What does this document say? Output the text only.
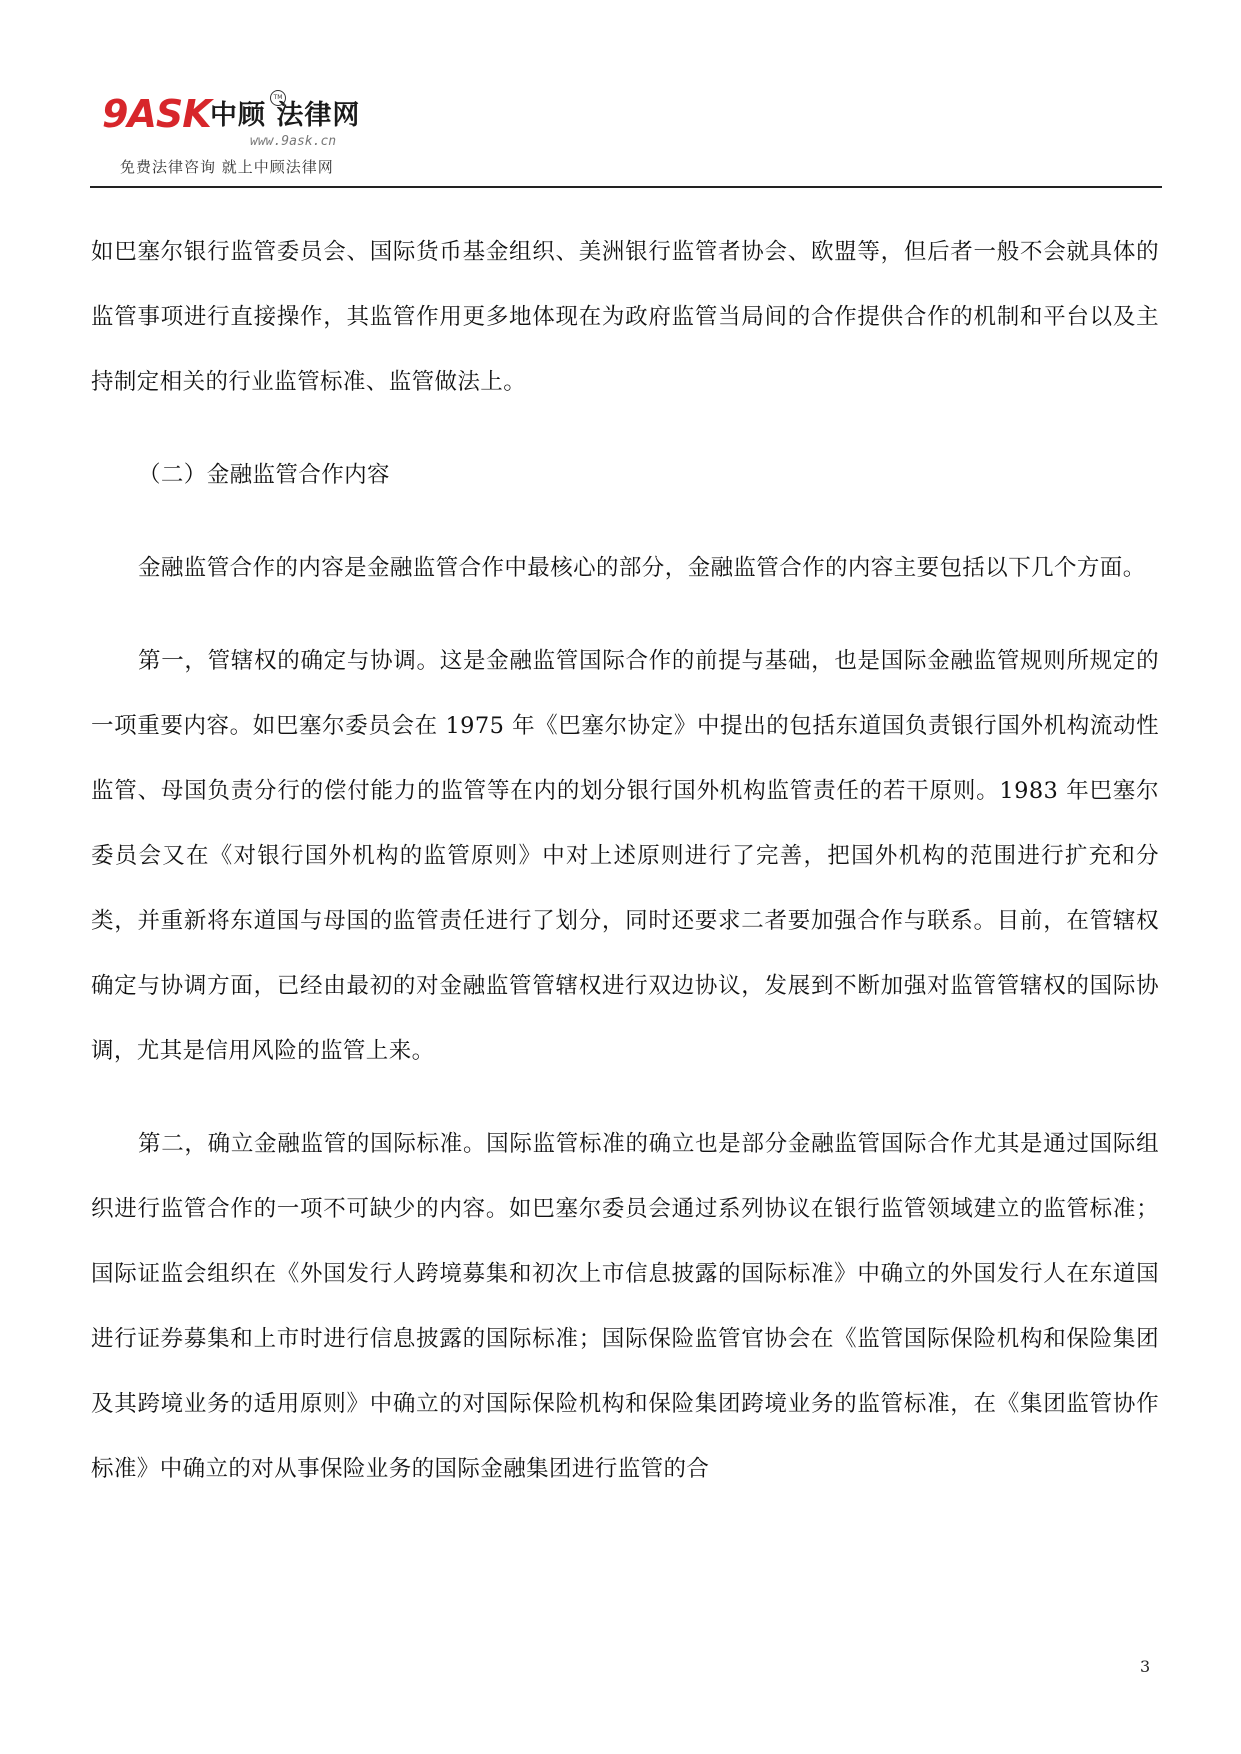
9ASK 中顾 法律网
TM
www.9ask.cn
免费法律咨询 就上中顾法律网

如巴塞尔银行监管委员会、国际货币基金组织、美洲银行监管者协会、欧盟等，但后者一般不会就具体的监管事项进行直接操作，其监管作用更多地体现在为政府监管当局间的合作提供合作的机制和平台以及主持制定相关的行业监管标准、监管做法上。

（二）金融监管合作内容

金融监管合作的内容是金融监管合作中最核心的部分，金融监管合作的内容主要包括以下几个方面。

第一，管辖权的确定与协调。这是金融监管国际合作的前提与基础，也是国际金融监管规则所规定的一项重要内容。如巴塞尔委员会在 1975 年《巴塞尔协定》中提出的包括东道国负责银行国外机构流动性监管、母国负责分行的偿付能力的监管等在内的划分银行国外机构监管责任的若干原则。1983 年巴塞尔委员会又在《对银行国外机构的监管原则》中对上述原则进行了完善，把国外机构的范围进行扩充和分类，并重新将东道国与母国的监管责任进行了划分，同时还要求二者要加强合作与联系。目前，在管辖权确定与协调方面，已经由最初的对金融监管管辖权进行双边协议，发展到不断加强对监管管辖权的国际协调，尤其是信用风险的监管上来。

第二，确立金融监管的国际标准。国际监管标准的确立也是部分金融监管国际合作尤其是通过国际组织进行监管合作的一项不可缺少的内容。如巴塞尔委员会通过系列协议在银行监管领域建立的监管标准；国际证监会组织在《外国发行人跨境募集和初次上市信息披露的国际标准》中确立的外国发行人在东道国进行证券募集和上市时进行信息披露的国际标准；国际保险监管官协会在《监管国际保险机构和保险集团及其跨境业务的适用原则》中确立的对国际保险机构和保险集团跨境业务的监管标准，在《集团监管协作标准》中确立的对从事保险业务的国际金融集团进行监管的合

3
